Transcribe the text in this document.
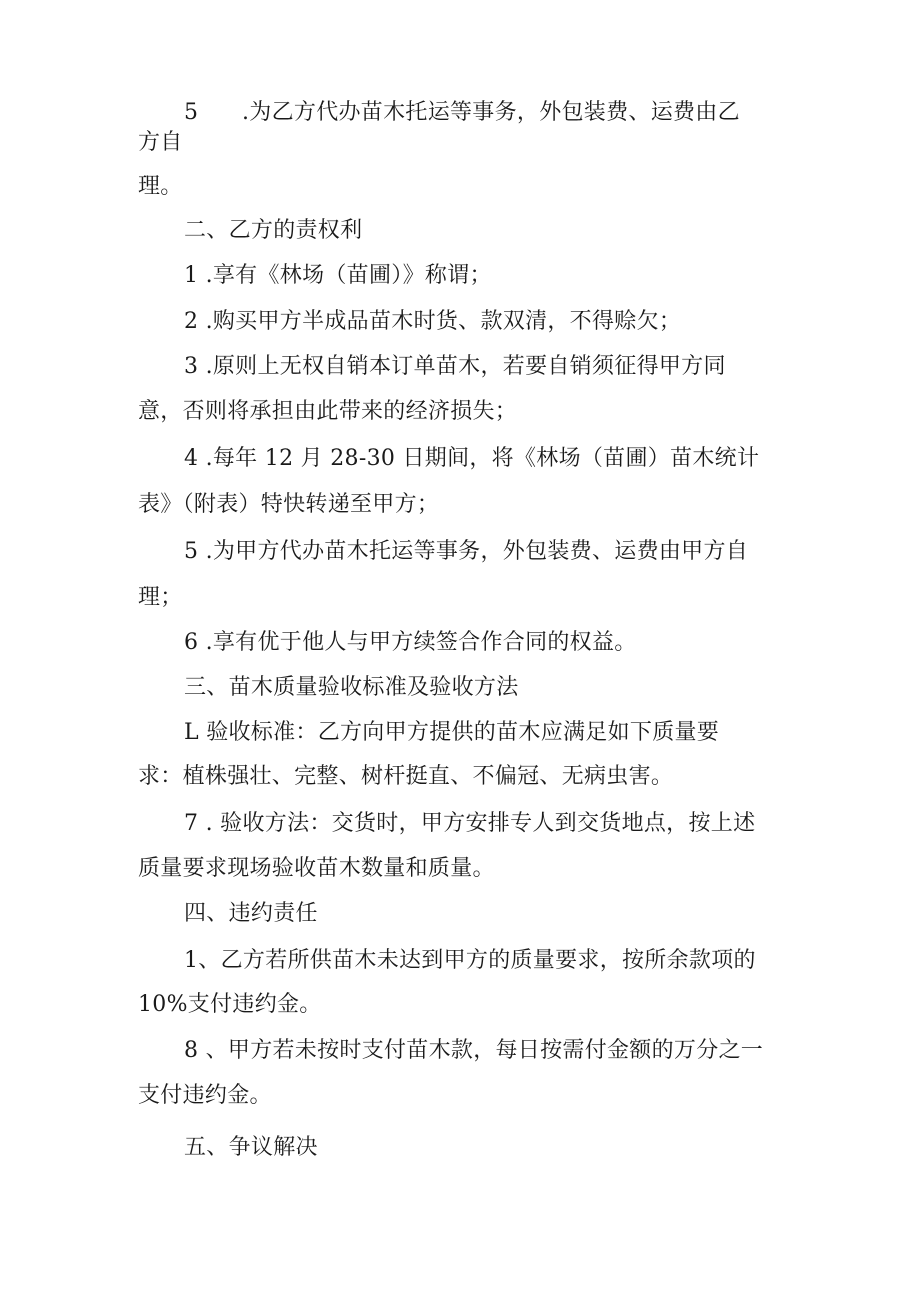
5 .为乙方代办苗木托运等事务，外包装费、运费由乙

方自

理。

二、乙方的责权利

1 .享有《林场（苗圃）》称谓；

2 .购买甲方半成品苗木时货、款双清，不得赊欠；

3 .原则上无权自销本订单苗木，若要自销须征得甲方同

意，否则将承担由此带来的经济损失；

4 .每年 12 月 28-30 日期间，将《林场（苗圃）苗木统计

表》（附表）特快转递至甲方；

5 .为甲方代办苗木托运等事务，外包装费、运费由甲方自

理；

6 .享有优于他人与甲方续签合作合同的权益。

三、苗木质量验收标准及验收方法

L 验收标准：乙方向甲方提供的苗木应满足如下质量要

求：植株强壮、完整、树杆挺直、不偏冠、无病虫害。

7 . 验收方法：交货时，甲方安排专人到交货地点，按上述

质量要求现场验收苗木数量和质量。

四、违约责任

1、乙方若所供苗木未达到甲方的质量要求，按所余款项的

10%支付违约金。

8 、甲方若未按时支付苗木款，每日按需付金额的万分之一

支付违约金。

五、争议解决
